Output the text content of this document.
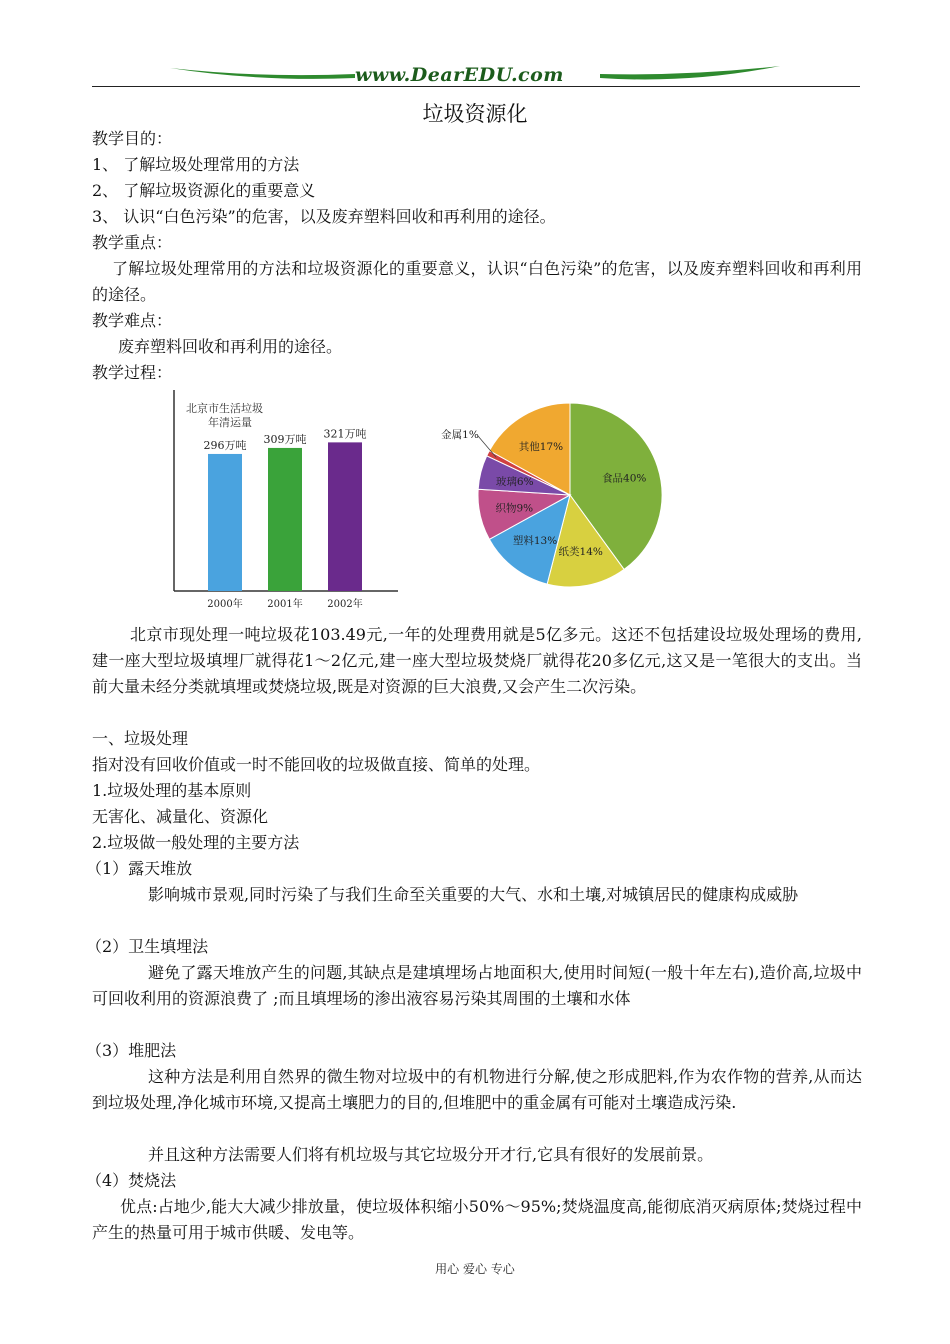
www.DearEDU.com
垃圾资源化
教学目的：
1、 了解垃圾处理常用的方法
2、 了解垃圾资源化的重要意义
3、 认识“白色污染”的危害，以及废弃塑料回收和再利用的途径。
教学重点：
了解垃圾处理常用的方法和垃圾资源化的重要意义，认识“白色污染”的危害，以及废弃塑料回收和再利用的途径。
教学难点：
废弃塑料回收和再利用的途径。
教学过程：
北京市生活垃圾
年清运量
296万吨
2000年
309万吨
2001年
321万吨
2002年
食品40%
纸类14%
塑料13%
织物9%
玻璃6%
金属1%
其他17%
北京市现处理一吨垃圾花103.49元,一年的处理费用就是5亿多元。这还不包括建设垃圾处理场的费用,建一座大型垃圾填埋厂就得花1～2亿元,建一座大型垃圾焚烧厂就得花20多亿元,这又是一笔很大的支出。当前大量未经分类就填埋或焚烧垃圾,既是对资源的巨大浪费,又会产生二次污染。
一、垃圾处理
指对没有回收价值或一时不能回收的垃圾做直接、简单的处理。
1.垃圾处理的基本原则
无害化、减量化、资源化
2.垃圾做一般处理的主要方法
（1）露天堆放
影响城市景观,同时污染了与我们生命至关重要的大气、水和土壤,对城镇居民的健康构成威胁
（2）卫生填埋法
避免了露天堆放产生的问题,其缺点是建填埋场占地面积大,使用时间短(一般十年左右),造价高,垃圾中可回收利用的资源浪费了 ;而且填埋场的渗出液容易污染其周围的土壤和水体
（3）堆肥法
这种方法是利用自然界的微生物对垃圾中的有机物进行分解,使之形成肥料,作为农作物的营养,从而达到垃圾处理,净化城市环境,又提高土壤肥力的目的,但堆肥中的重金属有可能对土壤造成污染.
并且这种方法需要人们将有机垃圾与其它垃圾分开才行,它具有很好的发展前景。
（4）焚烧法
优点:占地少,能大大减少排放量，使垃圾体积缩小50%～95%;焚烧温度高,能彻底消灭病原体;焚烧过程中产生的热量可用于城市供暖、发电等。
用心 爱心 专心
